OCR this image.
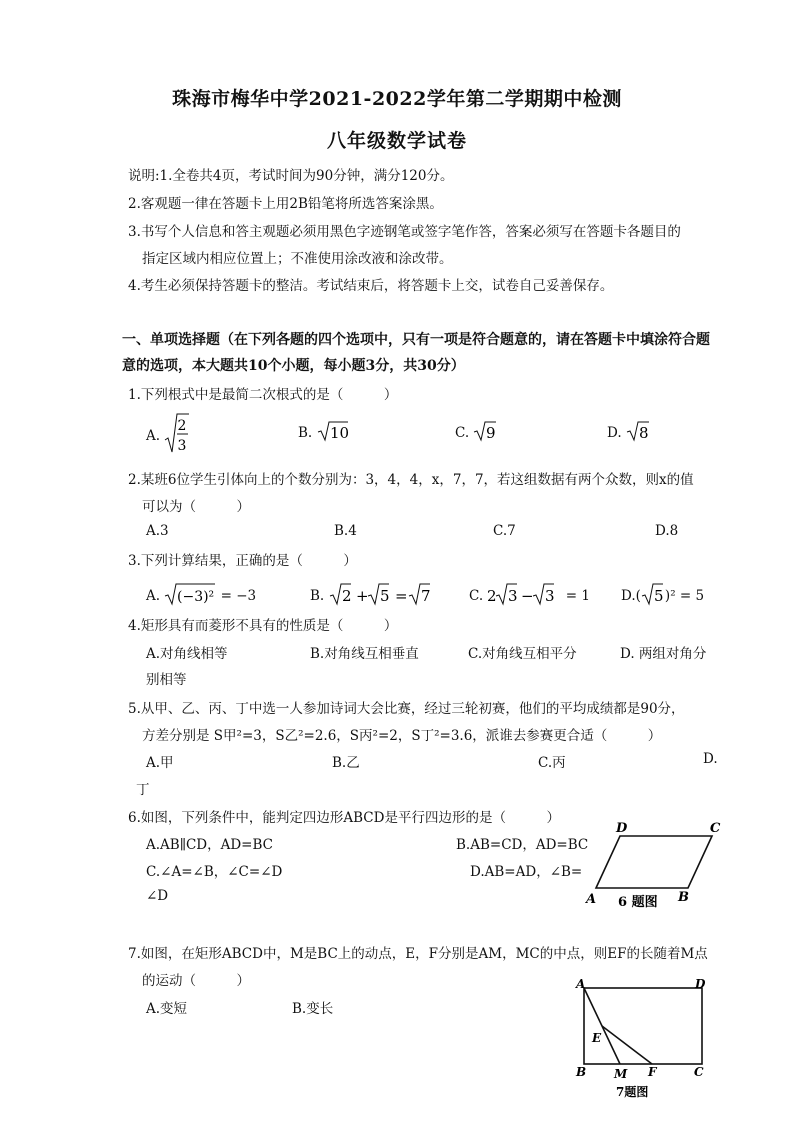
珠海市梅华中学2021-2022学年第二学期期中检测
八年级数学试卷
说明:1.全卷共4页，考试时间为90分钟，满分120分。
2.客观题一律在答题卡上用2B铅笔将所选答案涂黑。
3.书写个人信息和答主观题必须用黑色字迹钢笔或签字笔作答，答案必须写在答题卡各题目的
指定区域内相应位置上；不准使用涂改液和涂改带。
4.考生必须保持答题卡的整洁。考试结束后，将答题卡上交，试卷自己妥善保存。
一、单项选择题（在下列各题的四个选项中，只有一项是符合题意的，请在答题卡中填涂符合题
意的选项，本大题共10个小题，每小题3分，共30分）
1.下列根式中是最简二次根式的是（　　　）
A.
2
3
B. 10	C. 9	D. 8
2.某班6位学生引体向上的个数分别为：3，4，4，x，7，7，若这组数据有两个众数，则x的值
可以为（　　　）
A.3	B.4	C.7	D.8
3.下列计算结果，正确的是（　　　）
A. (−3)² = −3	B. 2 + 5 = 7	C. 2 3 − 3 = 1 D.( 5 )² = 5
4.矩形具有而菱形不具有的性质是（　　　）
A.对角线相等	B.对角线互相垂直	C.对角线互相平分	D. 两组对角分
别相等
5.从甲、乙、丙、丁中选一人参加诗词大会比赛，经过三轮初赛，他们的平均成绩都是90分，
方差分别是 S甲²=3，S乙²=2.6，S丙²=2，S丁²=3.6，派谁去参赛更合适（　　　）
A.甲	B.乙	C.丙	D.
丁
6.如图，下列条件中，能判定四边形ABCD是平行四边形的是（　　　）
A.AB∥CD，AD=BC	B.AB=CD，AD=BC
C.∠A=∠B，∠C=∠D	D.AB=AD，∠B=
∠D
D	C
A	B
6 题图
7.如图，在矩形ABCD中，M是BC上的动点，E，F分别是AM，MC的中点，则EF的长随着M点
的运动（　　　）
A.变短	B.变长
A	D
E
B M F	C
7题图
